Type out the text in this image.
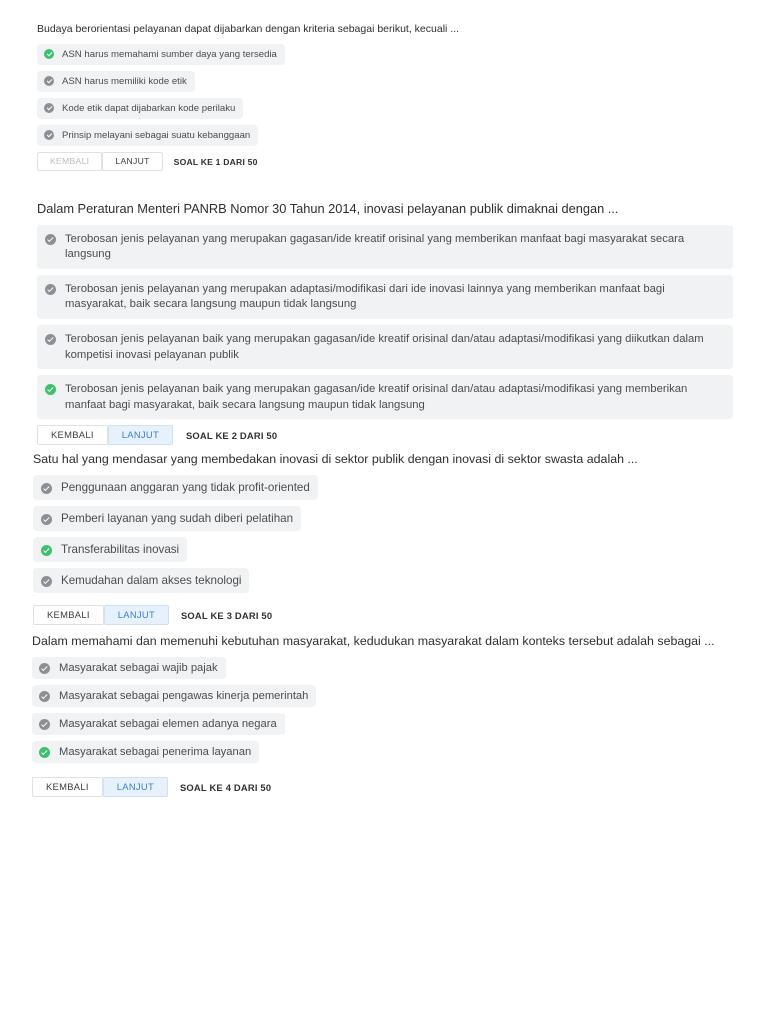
Budaya berorientasi pelayanan dapat dijabarkan dengan kriteria sebagai berikut, kecuali ...

ASN harus memahami sumber daya yang tersedia
ASN harus memiliki kode etik
Kode etik dapat dijabarkan kode perilaku
Prinsip melayani sebagai suatu kebanggaan
KEMBALI	LANJUT	SOAL KE 1 DARI 50

Dalam Peraturan Menteri PANRB Nomor 30 Tahun 2014, inovasi pelayanan publik dimaknai dengan ...

Terobosan jenis pelayanan yang merupakan gagasan/ide kreatif orisinal yang memberikan manfaat bagi masyarakat secara langsung
Terobosan jenis pelayanan yang merupakan adaptasi/modifikasi dari ide inovasi lainnya yang memberikan manfaat bagi masyarakat, baik secara langsung maupun tidak langsung
Terobosan jenis pelayanan baik yang merupakan gagasan/ide kreatif orisinal dan/atau adaptasi/modifikasi yang diikutkan dalam kompetisi inovasi pelayanan publik
Terobosan jenis pelayanan baik yang merupakan gagasan/ide kreatif orisinal dan/atau adaptasi/modifikasi yang memberikan manfaat bagi masyarakat, baik secara langsung maupun tidak langsung
KEMBALI	LANJUT	SOAL KE 2 DARI 50

Satu hal yang mendasar yang membedakan inovasi di sektor publik dengan inovasi di sektor swasta adalah ...

Penggunaan anggaran yang tidak profit-oriented
Pemberi layanan yang sudah diberi pelatihan
Transferabilitas inovasi
Kemudahan dalam akses teknologi
KEMBALI	LANJUT	SOAL KE 3 DARI 50

Dalam memahami dan memenuhi kebutuhan masyarakat, kedudukan masyarakat dalam konteks tersebut adalah sebagai ...

Masyarakat sebagai wajib pajak
Masyarakat sebagai pengawas kinerja pemerintah
Masyarakat sebagai elemen adanya negara
Masyarakat sebagai penerima layanan
KEMBALI	LANJUT	SOAL KE 4 DARI 50
